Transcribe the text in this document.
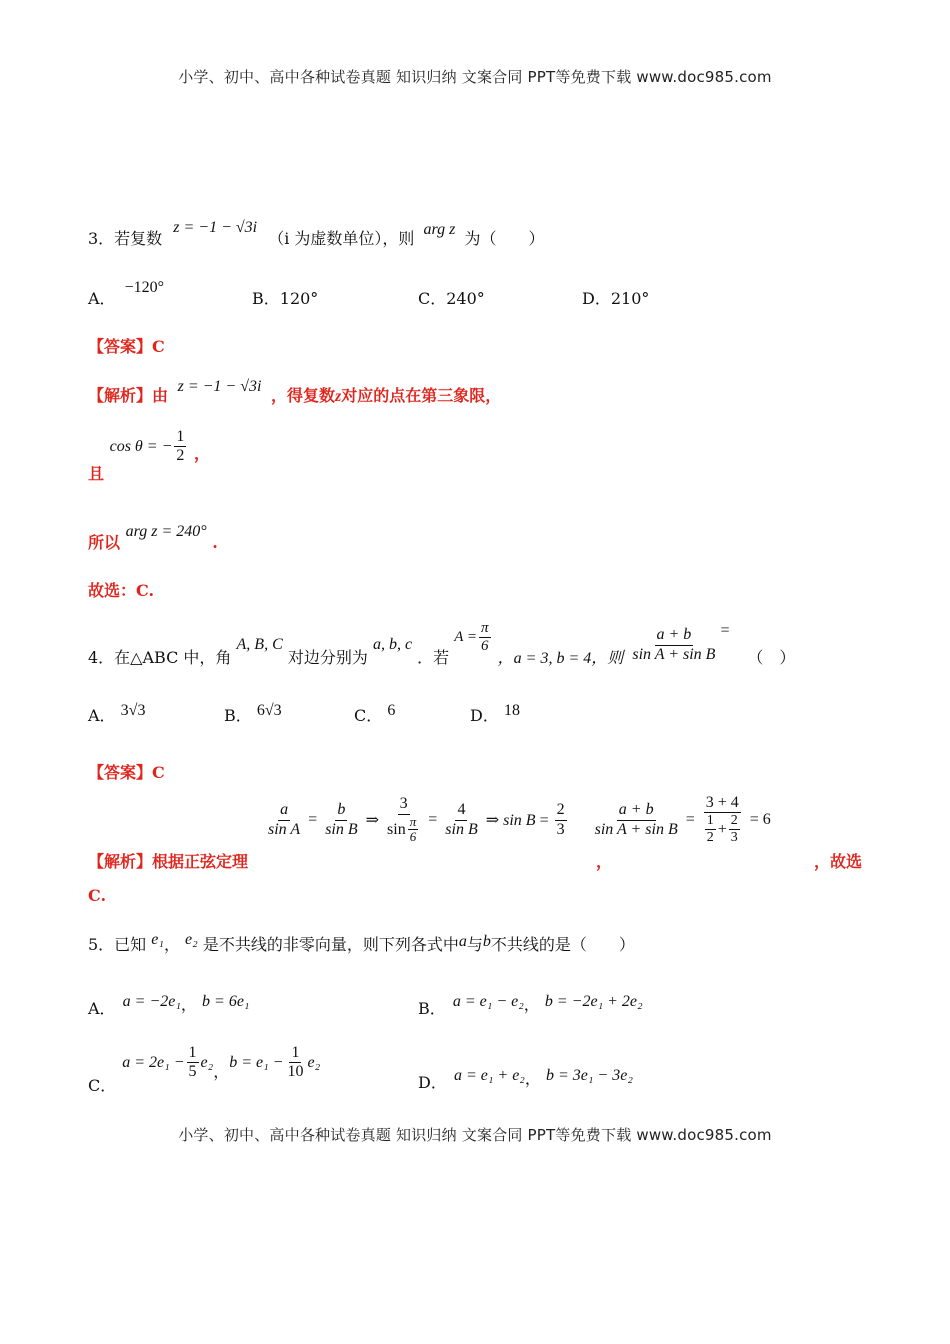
小学、初中、高中各种试卷真题 知识归纳 文案合同 PPT等免费下载 www.doc985.com
3．若复数 z = −1 − √3i （i 为虚数单位），则 arg z 为（　　）
A． −120°
B．120°	C．240°	D．210°
【答案】C
【解析】由 z = −1 − √3i ，得复数z对应的点在第三象限，
且
cos θ = − $\frac{1}{2}$ ，
所以 arg z = 240° .
故选：C.
4．在△ABC 中，角 A, B, C 对边分别为 a, b, c ．若
$A = \frac{\pi}{6}$
，a = 3, b = 4，则 $\frac{a + b}{\text{sin A + sin B}}$ =
（　）
A． 3√3	B． 6√3	C． 6	D． 18
【答案】C
$\frac{a}{\text{sin A}} = \frac{b}{\text{sin B}}$ ⇒ $\frac{3}{\sin \frac{\pi}{6}} = \frac{4}{\text{sin B}}$ ⇒ $\sin B = \frac{2}{3} \frac{a + b}{\text{sin A + sin B}} = \frac{3 + 4}{\frac{1}{2} + \frac{2}{3}} = 6$
【解析】根据正弦定理	，	，故选
C.
5．已知 e₁， e₂ 是不共线的非零向量，则下列各式中a与b不共线的是（　　）
A． a = −2e₁， b = 6e₁	B． a = e₁ − e₂， b = −2e₁ + 2e₂
C．
$a = 2e_1 - \frac{1}{5} e_2$ ， $b = e_1 - \frac{1}{10} e_2$
D． a = e₁ + e₂， b = 3e₁ − 3e₂
小学、初中、高中各种试卷真题 知识归纳 文案合同 PPT等免费下载 www.doc985.com
